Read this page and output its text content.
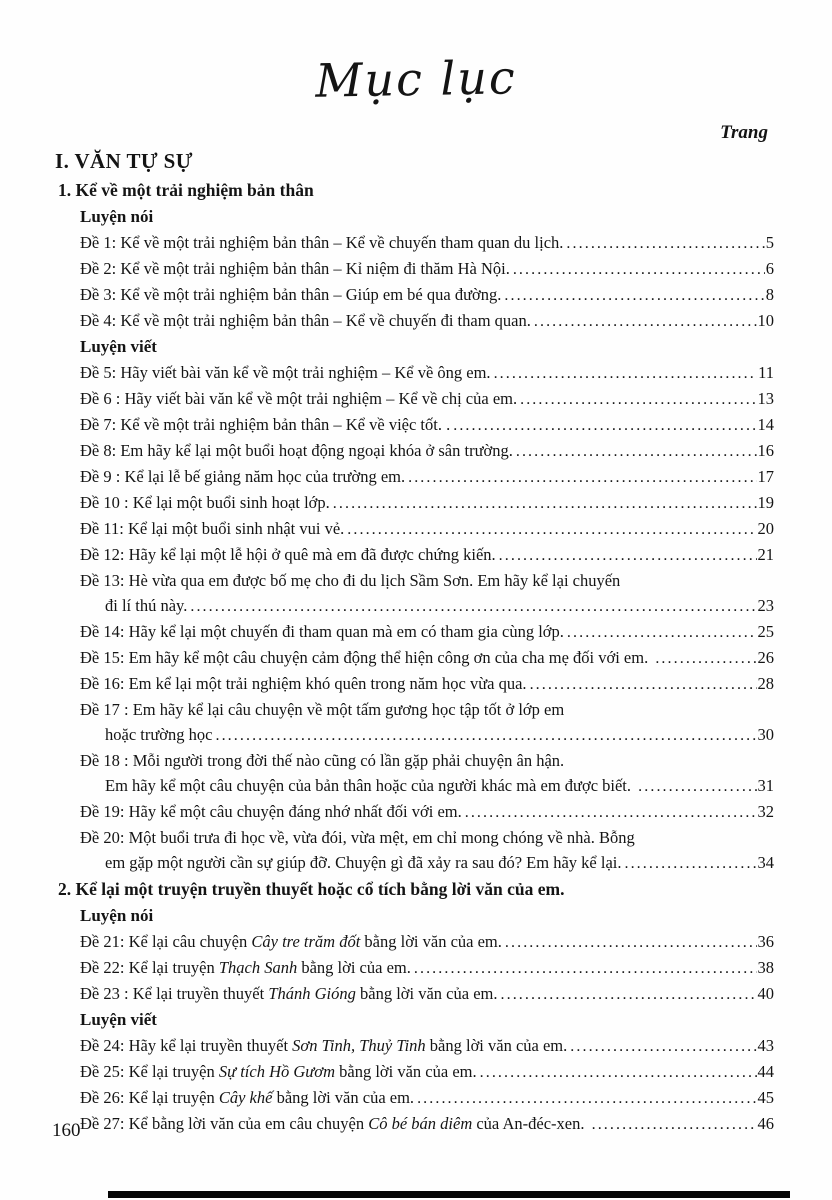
Mục lục
Trang
I. VĂN TỰ SỰ
1. Kể về một trải nghiệm bản thân
Luyện nói
Đề 1: Kể về một trải nghiệm bản thân – Kể về chuyến tham quan du lịch. .....	5
Đề 2: Kể về một trải nghiệm bản thân – Kỉ niệm đi thăm Hà Nội. .....	6
Đề 3: Kể về một trải nghiệm bản thân – Giúp em bé qua đường. .....	8
Đề 4: Kể về một trải nghiệm bản thân – Kể về chuyến đi tham quan. .....	10
Luyện viết
Đề 5: Hãy viết bài văn kể về một trải nghiệm – Kể về ông em. .....	11
Đề 6 : Hãy viết bài văn kể về một trải nghiệm – Kể về chị của em. .....	13
Đề 7: Kể về một trải nghiệm bản thân – Kể về việc tốt. . .....	14
Đề 8: Em hãy kể lại một buổi hoạt động ngoại khóa ở sân trường. .....	16
Đề 9 : Kể lại lễ bế giảng năm học của trường em. .....	17
Đề 10 : Kể lại một buổi sinh hoạt lớp. .....	19
Đề 11: Kể lại một buổi sinh nhật vui vẻ. .....	20
Đề 12: Hãy kể lại một lễ hội ở quê mà em đã được chứng kiến. .....	21
Đề 13: Hè vừa qua em được bố mẹ cho đi du lịch Sầm Sơn. Em hãy kể lại chuyến
đi lí thú này. .....	23
Đề 14: Hãy kể lại một chuyến đi tham quan mà em có tham gia cùng lớp. .....	25
Đề 15: Em hãy kể một câu chuyện cảm động thể hiện công ơn của cha mẹ đối với em. .....	26
Đề 16: Em kể lại một trải nghiệm khó quên trong năm học vừa qua. .....	28
Đề 17 : Em hãy kể lại câu chuyện về một tấm gương học tập tốt ở lớp em
hoặc trường học .....	30
Đề 18 : Mỗi người trong đời thế nào cũng có lần gặp phải chuyện ân hận.
Em hãy kể một câu chuyện của bản thân hoặc của người khác mà em được biết. .....	31
Đề 19: Hãy kể một câu chuyện đáng nhớ nhất đối với em. .....	32
Đề 20: Một buổi trưa đi học về, vừa đói, vừa mệt, em chỉ mong chóng về nhà. Bỗng
em gặp một người cần sự giúp đỡ. Chuyện gì đã xảy ra sau đó? Em hãy kể lại. .....	34
2. Kể lại một truyện truyền thuyết hoặc cổ tích bằng lời văn của em.
Luyện nói
Đề 21: Kể lại câu chuyện Cây tre trăm đốt bằng lời văn của em. .....	36
Đề 22: Kể lại truyện Thạch Sanh bằng lời của em. .....	38
Đề 23 : Kể lại truyền thuyết Thánh Gióng bằng lời văn của em. .....	40
Luyện viết
Đề 24: Hãy kể lại truyền thuyết Sơn Tinh, Thuỷ Tinh bằng lời văn của em. .....	43
Đề 25: Kể lại truyện Sự tích Hồ Gươm bằng lời văn của em. .....	44
Đề 26: Kể lại truyện Cây khế bằng lời văn của em. .....	45
Đề 27: Kể bằng lời văn của em câu chuyện Cô bé bán diêm của An-đéc-xen. .....	46
160
